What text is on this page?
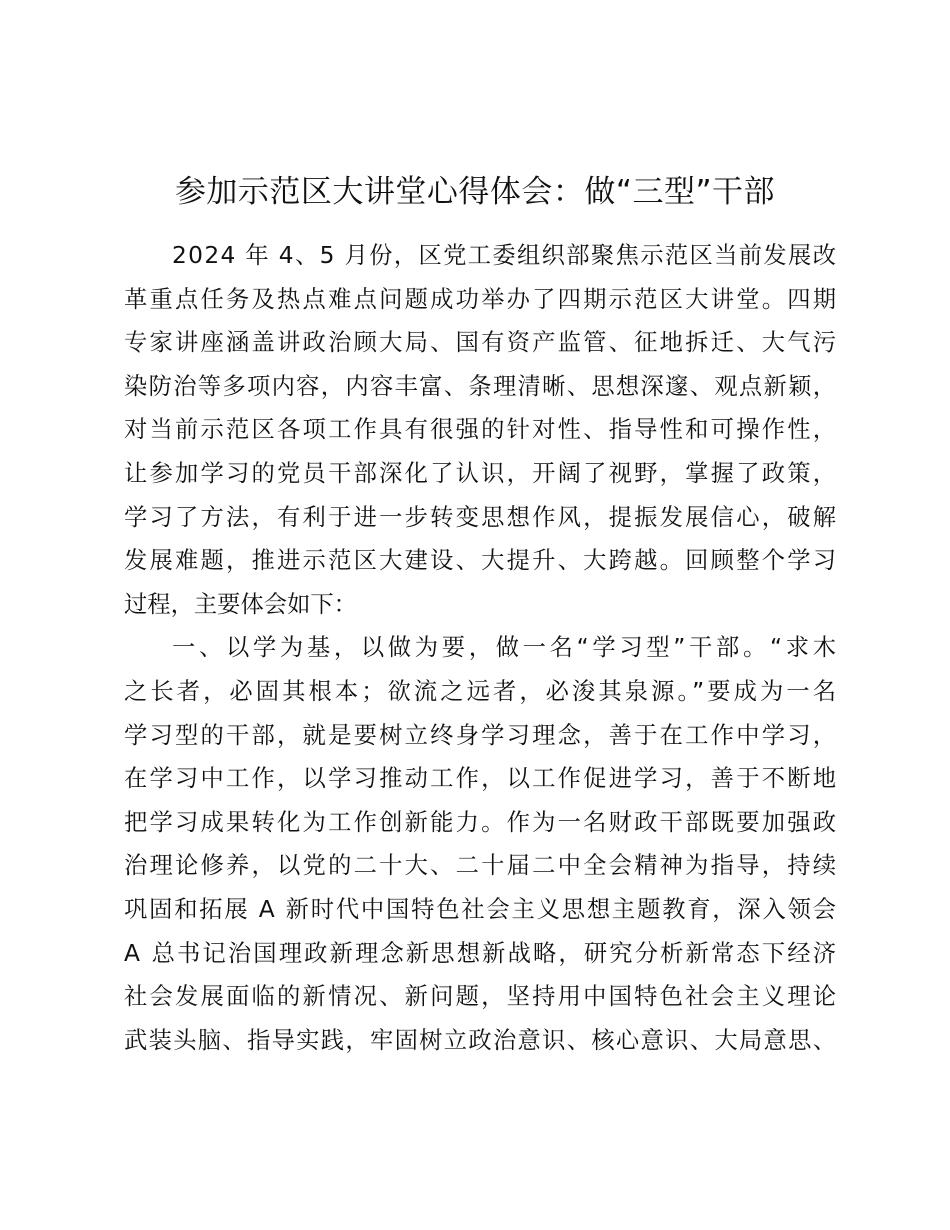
参加示范区大讲堂心得体会：做“三型”干部
2024 年 4、5 月份，区党工委组织部聚焦示范区当前发展改
革重点任务及热点难点问题成功举办了四期示范区大讲堂。四期
专家讲座涵盖讲政治顾大局、国有资产监管、征地拆迁、大气污
染防治等多项内容，内容丰富、条理清晰、思想深邃、观点新颖，
对当前示范区各项工作具有很强的针对性、指导性和可操作性，
让参加学习的党员干部深化了认识，开阔了视野，掌握了政策，
学习了方法，有利于进一步转变思想作风，提振发展信心，破解
发展难题，推进示范区大建设、大提升、大跨越。回顾整个学习
过程，主要体会如下：
一、以学为基，以做为要，做一名“学习型”干部。“求木
之长者，必固其根本；欲流之远者，必浚其泉源。”要成为一名
学习型的干部，就是要树立终身学习理念，善于在工作中学习，
在学习中工作，以学习推动工作，以工作促进学习，善于不断地
把学习成果转化为工作创新能力。作为一名财政干部既要加强政
治理论修养，以党的二十大、二十届二中全会精神为指导，持续
巩固和拓展 A 新时代中国特色社会主义思想主题教育，深入领会
A 总书记治国理政新理念新思想新战略，研究分析新常态下经济
社会发展面临的新情况、新问题，坚持用中国特色社会主义理论
武装头脑、指导实践，牢固树立政治意识、核心意识、大局意思、
